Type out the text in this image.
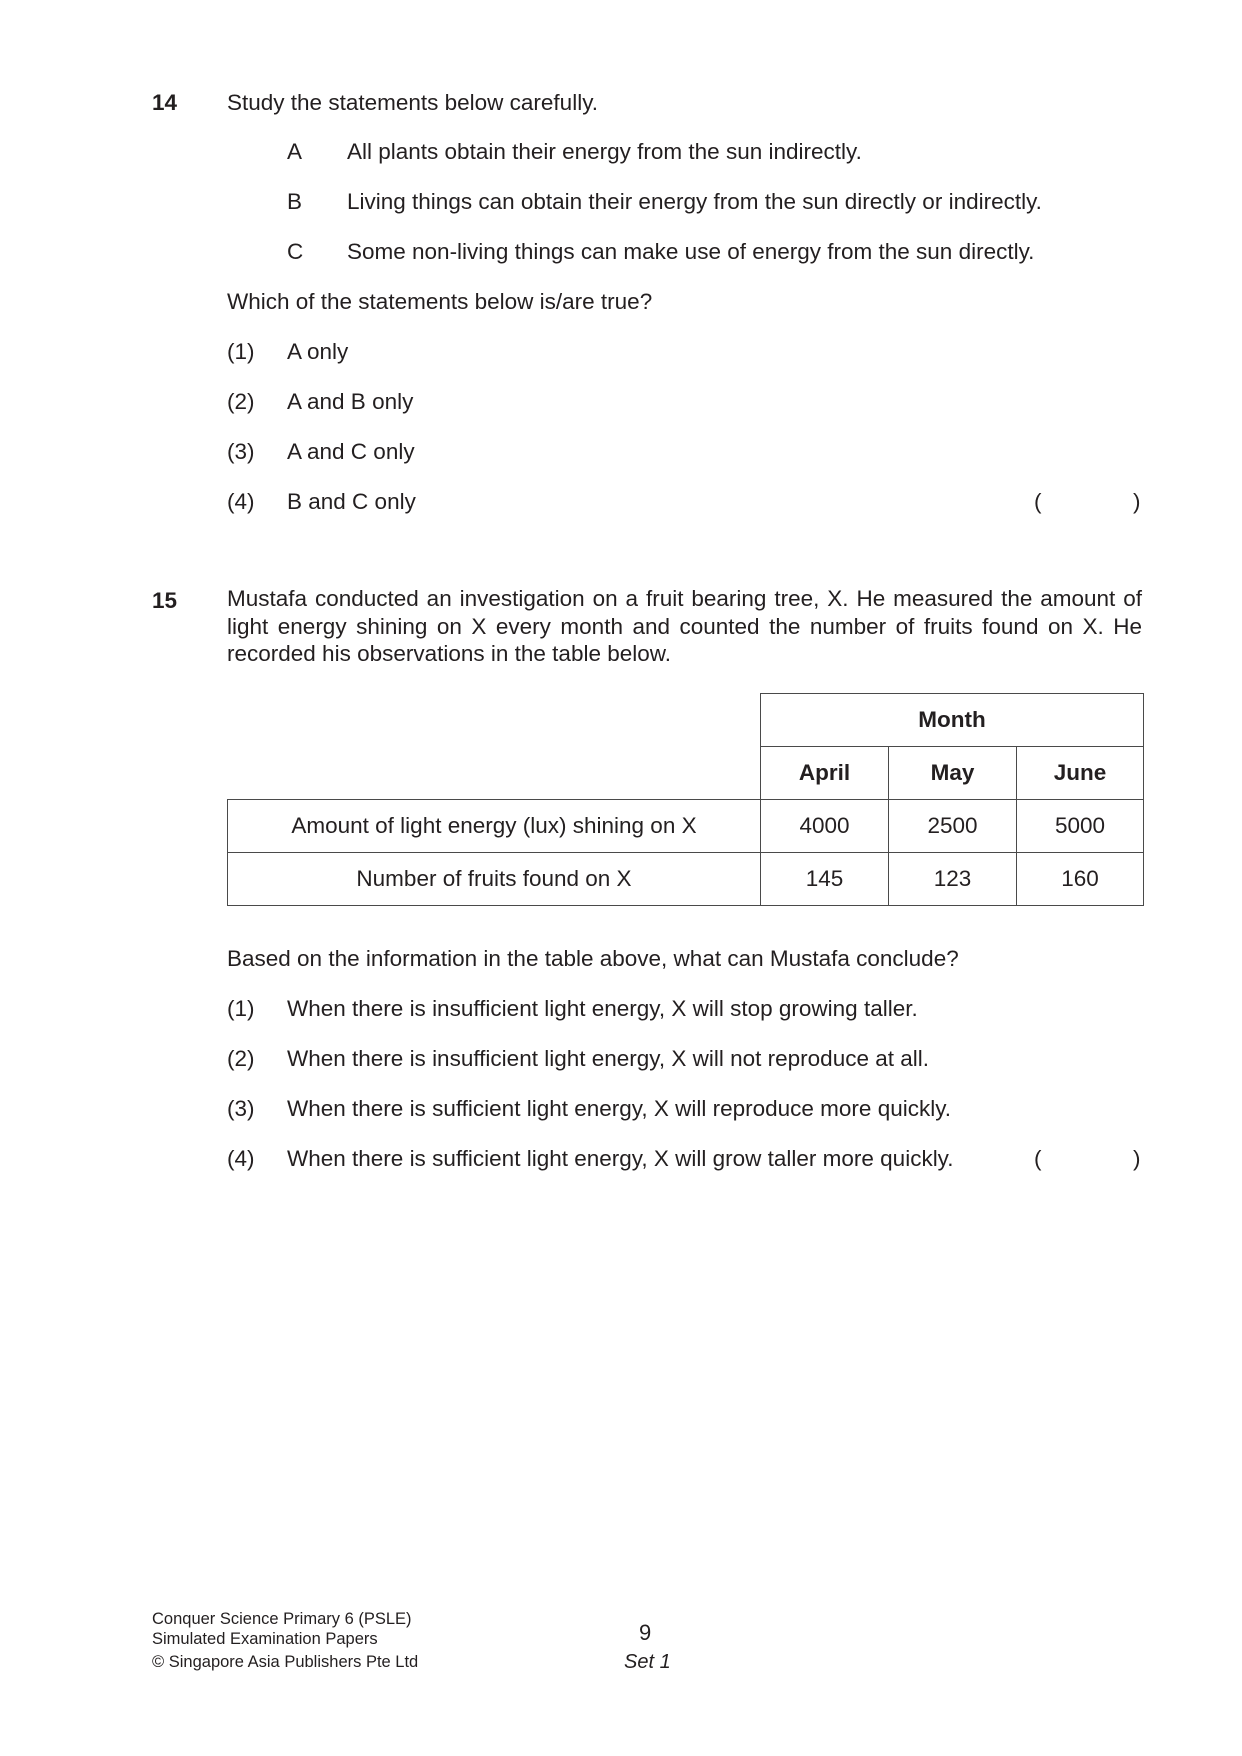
14 Study the statements below carefully.
A All plants obtain their energy from the sun indirectly.
B Living things can obtain their energy from the sun directly or indirectly.
C Some non-living things can make use of energy from the sun directly.
Which of the statements below is/are true?
(1) A only
(2) A and B only
(3) A and C only
(4) B and C only	(	)
15 Mustafa conducted an investigation on a fruit bearing tree, X. He measured the amount of light energy shining on X every month and counted the number of fruits found on X. He recorded his observations in the table below.
	Month		
	April	May	June
Amount of light energy (lux) shining on X	4000	2500	5000
Number of fruits found on X	145	123	160
Based on the information in the table above, what can Mustafa conclude?
(1) When there is insufficient light energy, X will stop growing taller.
(2) When there is insufficient light energy, X will not reproduce at all.
(3) When there is sufficient light energy, X will reproduce more quickly.
(4) When there is sufficient light energy, X will grow taller more quickly.	(	)
Conquer Science Primary 6 (PSLE)
Simulated Examination Papers
© Singapore Asia Publishers Pte Ltd
9
Set 1
